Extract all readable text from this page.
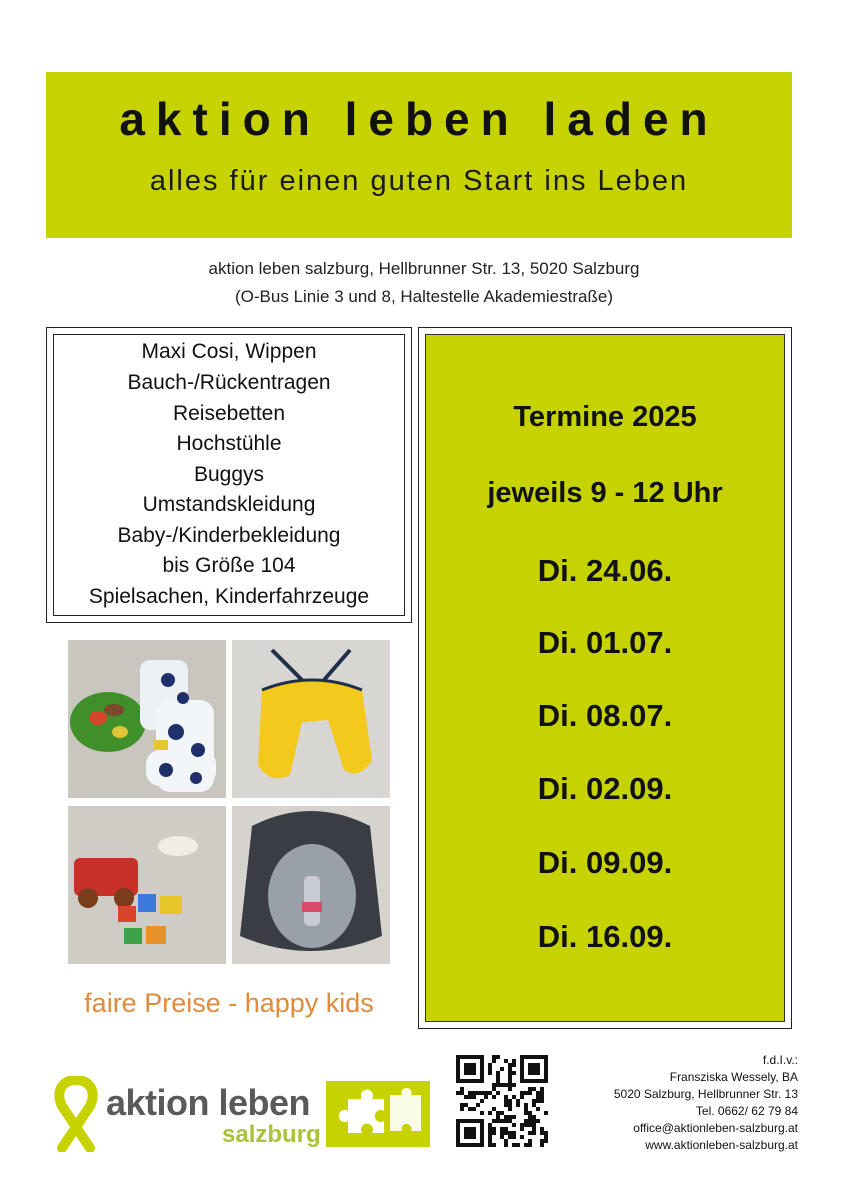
aktion leben laden
alles für einen guten Start ins Leben
aktion leben salzburg, Hellbrunner Str. 13, 5020 Salzburg
(O-Bus Linie 3 und 8, Haltestelle Akademiestraße)
Maxi Cosi, Wippen
Bauch-/Rückentragen
Reisebetten
Hochstühle
Buggys
Umstandskleidung
Baby-/Kinderbekleidung
bis Größe 104
Spielsachen, Kinderfahrzeuge
Termine 2025
jeweils 9 - 12 Uhr
Di. 24.06.
Di. 01.07.
Di. 08.07.
Di. 02.09.
Di. 09.09.
Di. 16.09.
faire Preise - happy kids
aktion leben
salzburg
f.d.I.v.:
Fransziska Wessely, BA
5020 Salzburg, Hellbrunner Str. 13
Tel. 0662/ 62 79 84
office@aktionleben-salzburg.at
www.aktionleben-salzburg.at
